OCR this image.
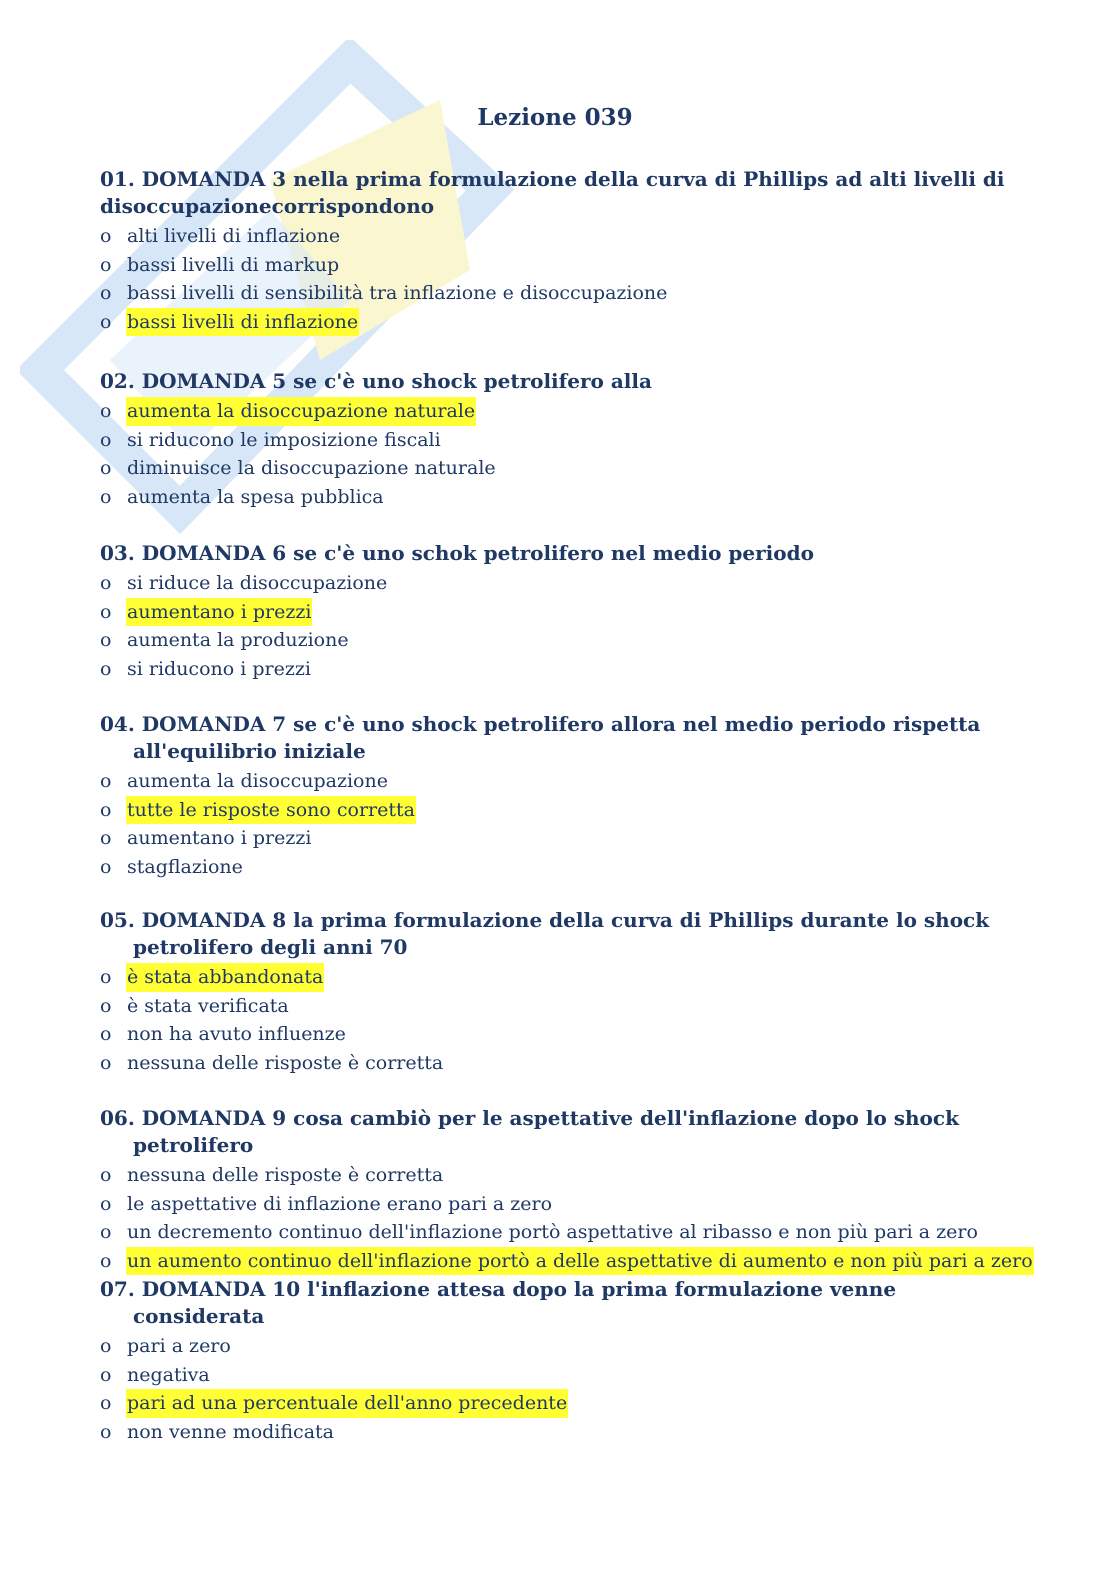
Lezione 039
01. DOMANDA 3 nella prima formulazione della curva di Phillips ad alti livelli di disoccupazionecorrispondono
o alti livelli di inflazione
o bassi livelli di markup
o bassi livelli di sensibilità tra inflazione e disoccupazione
o bassi livelli di inflazione
02. DOMANDA 5 se c'è uno shock petrolifero alla
o aumenta la disoccupazione naturale
o si riducono le imposizione fiscali
o diminuisce la disoccupazione naturale
o aumenta la spesa pubblica
03. DOMANDA 6 se c'è uno schok petrolifero nel medio periodo
o si riduce la disoccupazione
o aumentano i prezzi
o aumenta la produzione
o si riducono i prezzi
04. DOMANDA 7 se c'è uno shock petrolifero allora nel medio periodo rispetta all'equilibrio iniziale
o aumenta la disoccupazione
o tutte le risposte sono corretta
o aumentano i prezzi
o stagflazione
05. DOMANDA 8 la prima formulazione della curva di Phillips durante lo shock petrolifero degli anni 70
o è stata abbandonata
o è stata verificata
o non ha avuto influenze
o nessuna delle risposte è corretta
06. DOMANDA 9 cosa cambiò per le aspettative dell'inflazione dopo lo shock petrolifero
o nessuna delle risposte è corretta
o le aspettative di inflazione erano pari a zero
o un decremento continuo dell'inflazione portò aspettative al ribasso e non più pari a zero
o un aumento continuo dell'inflazione portò a delle aspettative di aumento e non più pari a zero
07. DOMANDA 10 l'inflazione attesa dopo la prima formulazione venne considerata
o pari a zero
o negativa
o pari ad una percentuale dell'anno precedente
o non venne modificata
